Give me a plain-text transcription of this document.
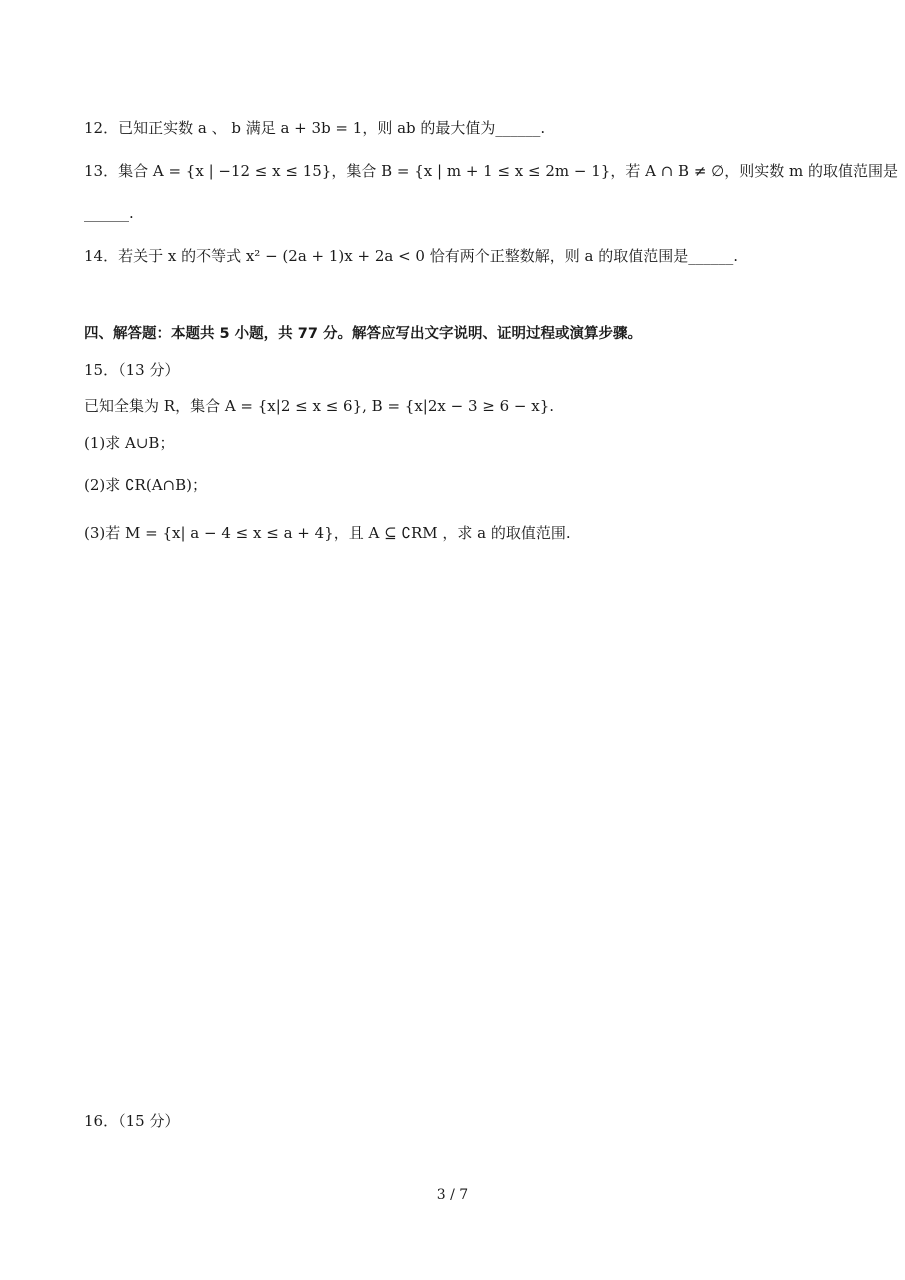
12．已知正实数 a 、 b 满足 a + 3b = 1，则 ab 的最大值为______.
13．集合 A = {x | −12 ≤ x ≤ 15}，集合 B = {x | m + 1 ≤ x ≤ 2m − 1}，若 A ∩ B ≠ ∅，则实数 m 的取值范围是
______.
14．若关于 x 的不等式 x² − (2a + 1)x + 2a < 0 恰有两个正整数解，则 a 的取值范围是______.
四、解答题：本题共 5 小题，共 77 分。解答应写出文字说明、证明过程或演算步骤。
15．（13 分）
已知全集为 R，集合 A = {x|2 ≤ x ≤ 6}, B = {x|2x − 3 ≥ 6 − x}.
(1)求 A∪B；
(2)求 ∁R(A∩B)；
(3)若 M = {x| a − 4 ≤ x ≤ a + 4}，且 A ⊆ ∁RM ，求 a 的取值范围.
16．（15 分）
3 / 7
